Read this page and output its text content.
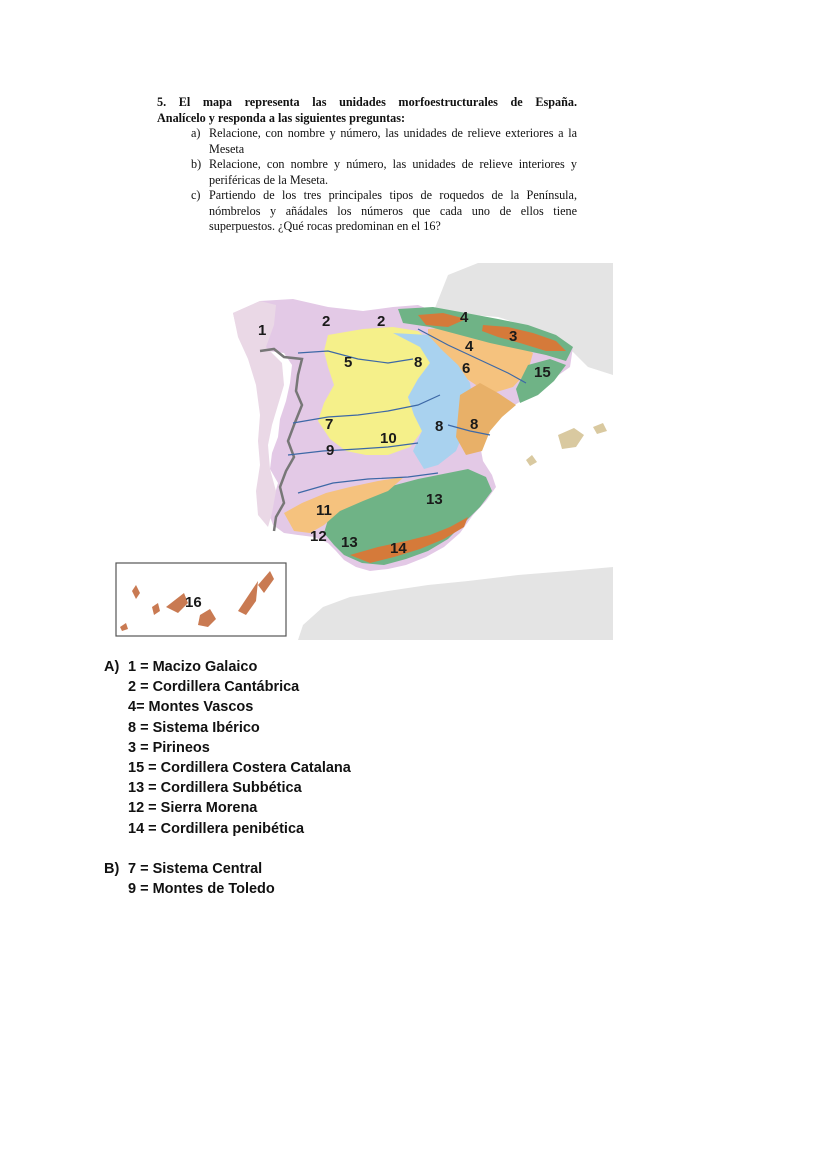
5. El mapa representa las unidades morfoestructurales de España.
Analícelo y responda a las siguientes preguntas:
a) Relacione, con nombre y número, las unidades de relieve exteriores a la Meseta
b) Relacione, con nombre y número, las unidades de relieve interiores y periféricas de la Meseta.
c) Partiendo de los tres principales tipos de roquedos de la Península, nómbrelos y añádales los números que cada uno de ellos tiene superpuestos. ¿Qué rocas predominan en el 16?
1
2	2	4
3
4
5	8	6	15
7
10
8 8
9
13
11
12 13 14
16
A) 1 = Macizo Galaico
2 = Cordillera Cantábrica
4= Montes Vascos
8 = Sistema Ibérico
3 = Pirineos
15 = Cordillera Costera Catalana
13 = Cordillera Subbética
12 = Sierra Morena
14 = Cordillera penibética
B) 7 = Sistema Central
9 = Montes de Toledo
